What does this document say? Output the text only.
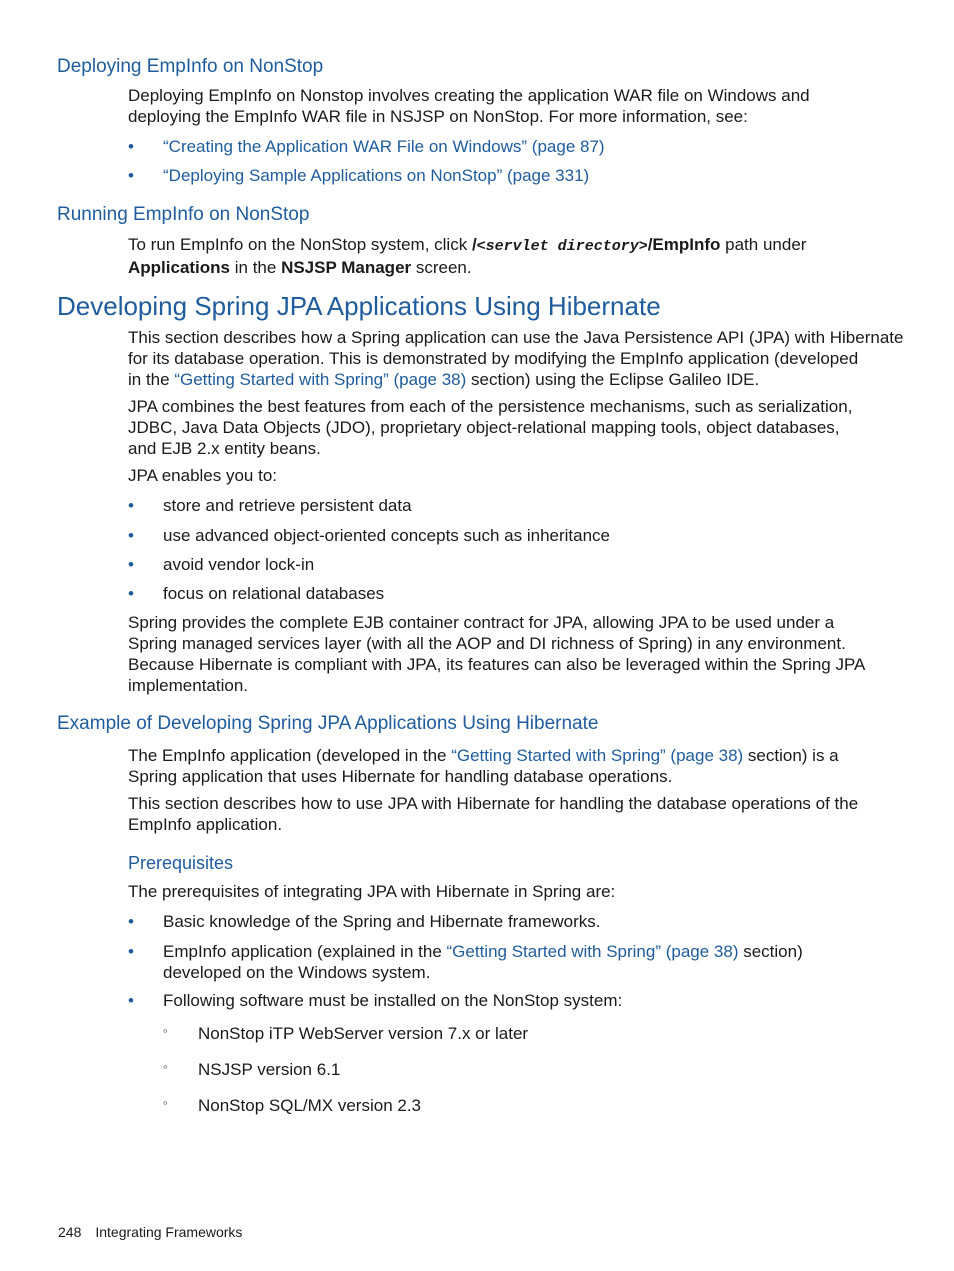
Deploying EmpInfo on NonStop

Deploying EmpInfo on Nonstop involves creating the application WAR file on Windows and
deploying the EmpInfo WAR file in NSJSP on NonStop. For more information, see:

• “Creating the Application WAR File on Windows” (page 87)
• “Deploying Sample Applications on NonStop” (page 331)
Running EmpInfo on NonStop

To run EmpInfo on the NonStop system, click /<servlet directory>/EmpInfo path under
Applications in the NSJSP Manager screen.

Developing Spring JPA Applications Using Hibernate

This section describes how a Spring application can use the Java Persistence API (JPA) with Hibernate
for its database operation. This is demonstrated by modifying the EmpInfo application (developed
in the “Getting Started with Spring” (page 38) section) using the Eclipse Galileo IDE.

JPA combines the best features from each of the persistence mechanisms, such as serialization,
JDBC, Java Data Objects (JDO), proprietary object-relational mapping tools, object databases,
and EJB 2.x entity beans.

JPA enables you to:

• store and retrieve persistent data
• use advanced object-oriented concepts such as inheritance
• avoid vendor lock-in
• focus on relational databases

Spring provides the complete EJB container contract for JPA, allowing JPA to be used under a
Spring managed services layer (with all the AOP and DI richness of Spring) in any environment.
Because Hibernate is compliant with JPA, its features can also be leveraged within the Spring JPA
implementation.

Example of Developing Spring JPA Applications Using Hibernate

The EmpInfo application (developed in the “Getting Started with Spring” (page 38) section) is a
Spring application that uses Hibernate for handling database operations.

This section describes how to use JPA with Hibernate for handling the database operations of the
EmpInfo application.

Prerequisites

The prerequisites of integrating JPA with Hibernate in Spring are:

• Basic knowledge of the Spring and Hibernate frameworks.
• EmpInfo application (explained in the “Getting Started with Spring” (page 38) section)
developed on the Windows system.
• Following software must be installed on the NonStop system:
◦ NonStop iTP WebServer version 7.x or later
◦ NSJSP version 6.1
◦ NonStop SQL/MX version 2.3
248 Integrating Frameworks
